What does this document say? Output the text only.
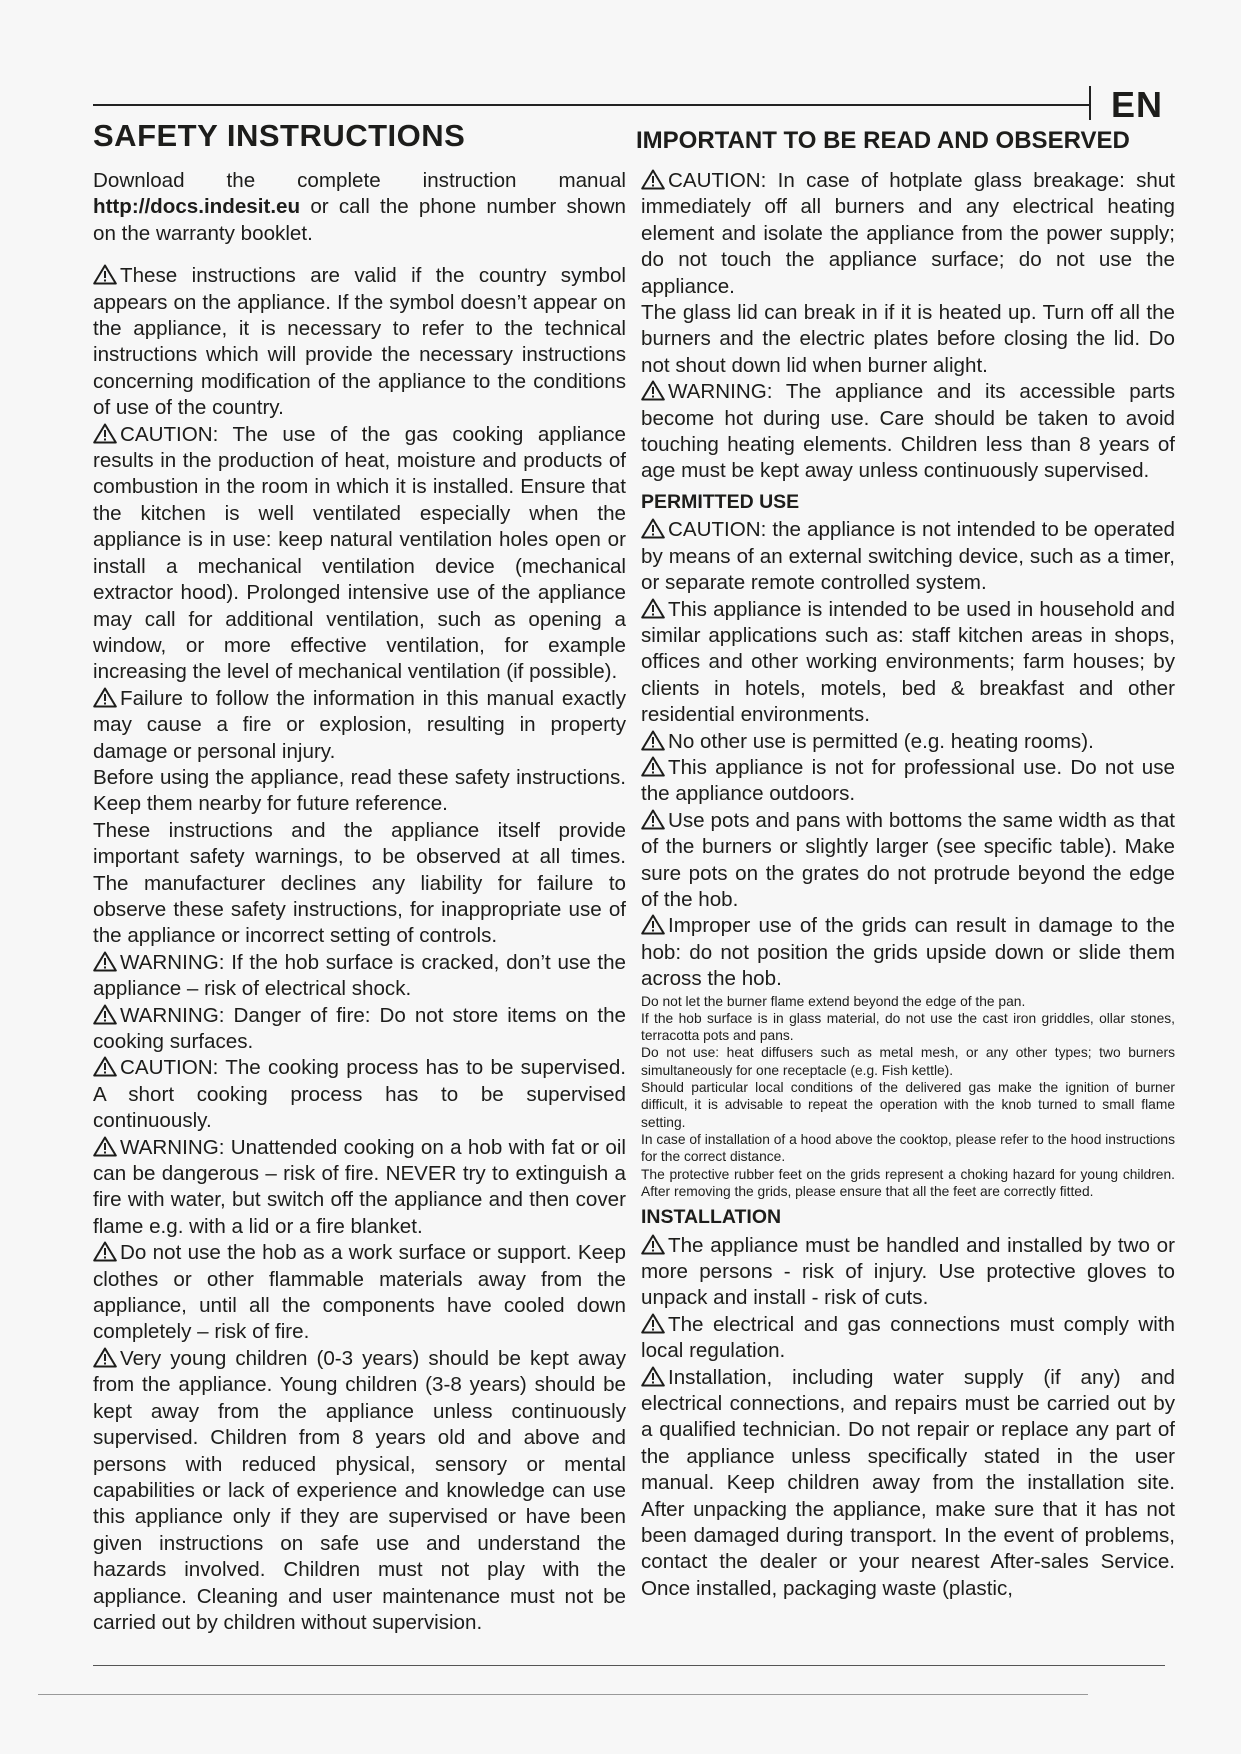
EN
SAFETY INSTRUCTIONS	IMPORTANT TO BE READ AND OBSERVED

Download the complete instruction manual http://docs.indesit.eu or call the phone number shown on the warranty booklet.

These instructions are valid if the country symbol appears on the appliance. If the symbol doesn’t appear on the appliance, it is necessary to refer to the technical instructions which will provide the necessary instructions concerning modification of the appliance to the conditions of use of the country.

CAUTION: The use of the gas cooking appliance results in the production of heat, moisture and products of combustion in the room in which it is installed. Ensure that the kitchen is well ventilated especially when the appliance is in use: keep natural ventilation holes open or install a mechanical ventilation device (mechanical extractor hood). Prolonged intensive use of the appliance may call for additional ventilation, such as opening a window, or more effective ventilation, for example increasing the level of mechanical ventilation (if possible).

Failure to follow the information in this manual exactly may cause a fire or explosion, resulting in property damage or personal injury.

Before using the appliance, read these safety instructions. Keep them nearby for future reference.

These instructions and the appliance itself provide important safety warnings, to be observed at all times. The manufacturer declines any liability for failure to observe these safety instructions, for inappropriate use of the appliance or incorrect setting of controls.

WARNING: If the hob surface is cracked, don’t use the appliance – risk of electrical shock.

WARNING: Danger of fire: Do not store items on the cooking surfaces.

CAUTION: The cooking process has to be supervised. A short cooking process has to be supervised continuously.

WARNING: Unattended cooking on a hob with fat or oil can be dangerous – risk of fire. NEVER try to extinguish a fire with water, but switch off the appliance and then cover flame e.g. with a lid or a fire blanket.

Do not use the hob as a work surface or support. Keep clothes or other flammable materials away from the appliance, until all the components have cooled down completely – risk of fire.

Very young children (0-3 years) should be kept away from the appliance. Young children (3-8 years) should be kept away from the appliance unless continuously supervised. Children from 8 years old and above and persons with reduced physical, sensory or mental capabilities or lack of experience and knowledge can use this appliance only if they are supervised or have been given instructions on safe use and understand the hazards involved. Children must not play with the appliance. Cleaning and user maintenance must not be carried out by children without supervision.

CAUTION: In case of hotplate glass breakage: shut immediately off all burners and any electrical heating element and isolate the appliance from the power supply; do not touch the appliance surface; do not use the appliance.

The glass lid can break in if it is heated up. Turn off all the burners and the electric plates before closing the lid. Do not shout down lid when burner alight.

WARNING: The appliance and its accessible parts become hot during use. Care should be taken to avoid touching heating elements. Children less than 8 years of age must be kept away unless continuously supervised.

PERMITTED USE

CAUTION: the appliance is not intended to be operated by means of an external switching device, such as a timer, or separate remote controlled system.

This appliance is intended to be used in household and similar applications such as: staff kitchen areas in shops, offices and other working environments; farm houses; by clients in hotels, motels, bed & breakfast and other residential environments.

No other use is permitted (e.g. heating rooms).

This appliance is not for professional use. Do not use the appliance outdoors.

Use pots and pans with bottoms the same width as that of the burners or slightly larger (see specific table). Make sure pots on the grates do not protrude beyond the edge of the hob.

Improper use of the grids can result in damage to the hob: do not position the grids upside down or slide them across the hob.

Do not let the burner flame extend beyond the edge of the pan.

If the hob surface is in glass material, do not use the cast iron griddles, ollar stones, terracotta pots and pans.

Do not use: heat diffusers such as metal mesh, or any other types; two burners simultaneously for one receptacle (e.g. Fish kettle).

Should particular local conditions of the delivered gas make the ignition of burner difficult, it is advisable to repeat the operation with the knob turned to small flame setting.

In case of installation of a hood above the cooktop, please refer to the hood instructions for the correct distance.

The protective rubber feet on the grids represent a choking hazard for young children. After removing the grids, please ensure that all the feet are correctly fitted.

INSTALLATION

The appliance must be handled and installed by two or more persons - risk of injury. Use protective gloves to unpack and install - risk of cuts.

The electrical and gas connections must comply with local regulation.

Installation, including water supply (if any) and electrical connections, and repairs must be carried out by a qualified technician. Do not repair or replace any part of the appliance unless specifically stated in the user manual. Keep children away from the installation site. After unpacking the appliance, make sure that it has not been damaged during transport. In the event of problems, contact the dealer or your nearest After-sales Service. Once installed, packaging waste (plastic,
